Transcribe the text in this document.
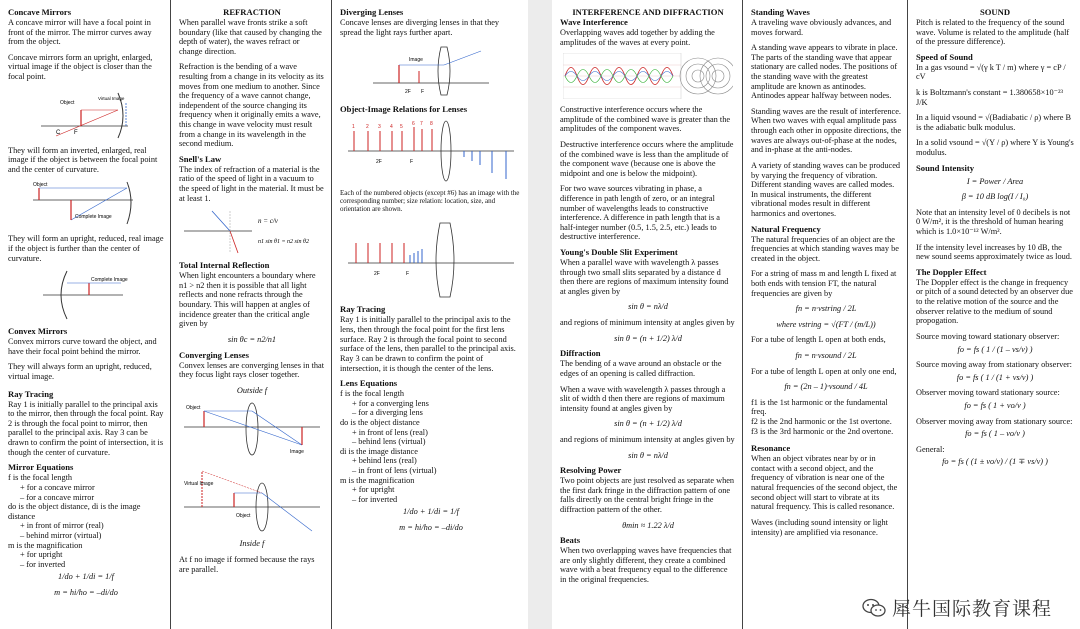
Concave Mirrors

A concave mirror will have a focal point in front of the mirror. The mirror curves away from the object.

Concave mirrors form an upright, enlarged, virtual image if the object is closer than the focal point.

Object
C F
Virtual Image

They will form an inverted, enlarged, real image if the object is between the focal point and the center of curvature.

Object
Complete Image

They will form an upright, reduced, real image if the object is further than the center of curvature.

Complete Image
Convex Mirrors

Convex mirrors curve toward the object, and have their focal point behind the mirror.

They will always form an upright, reduced, virtual image.

Ray Tracing

Ray 1 is initially parallel to the principal axis to the mirror, then through the focal point. Ray 2 is through the focal point to mirror, then parallel to the principal axis. Ray 3 can be drawn to confirm the point of intersection, it is though the center of curvature.

Mirror Equations
f is the focal length
+ for a concave mirror
– for a concave mirror
do is the object distance, di is the image distance
+ in front of mirror (real)
– behind mirror (virtual)
m is the magnification
+ for upright
– for inverted
1/do + 1/di = 1/f
m = hi/ho = –di/do
REFRACTION

When parallel wave fronts strike a soft boundary (like that caused by changing the depth of water), the waves refract or change direction.

Refraction is the bending of a wave resulting from a change in its velocity as its moves from one medium to another. Since the frequency of a wave cannot change, independent of the source changing its frequency when it originally emits a wave, this change in wave velocity must result from a change in its wavelength in the second medium.

Snell's Law

The index of refraction of a material is the ratio of the speed of light in a vacuum to the speed of light in the material. It must be at least 1.

n = c/v
n1 sin θ1 = n2 sin θ2
Total Internal Reflection

When light encounters a boundary where n1 > n2 then it is possible that all light reflects and none refracts through the boundary. This will happen at angles of incidence greater than the critical angle given by

sin θc = n2/n1
Converging Lenses

Convex lenses are converging lenses in that they focus light rays closer together.

Outside f
Object
Image
Virtual Image
Object
Inside f

At f no image if formed because the rays are parallel.

Diverging Lenses

Concave lenses are diverging lenses in that they spread the light rays further apart.

Image
2F F
Object-Image Relations for Lenses
1 2 3 4 5 6 7 8
2F	F

Each of the numbered objects (except #6) has an image with the corresponding number; size relation: location, size, and orientation are shown.

2F	F
Ray Tracing

Ray 1 is initially parallel to the principal axis to the lens, then through the focal point for the first lens surface. Ray 2 is through the focal point to second surface of the lens, then parallel to the principal axis. Ray 3 can be drawn to confirm the point of intersection, it is though the center of the lens.

Lens Equations
f is the focal length
+ for a converging lens
– for a diverging lens
do is the object distance
+ in front of lens (real)
– behind lens (virtual)
di is the image distance
+ behind lens (real)
– in front of lens (virtual)
m is the magnification
+ for upright
– for inverted
1/do + 1/di = 1/f
m = hi/ho = –di/do
INTERFERENCE AND DIFFRACTION
Wave Interference

Overlapping waves add together by adding the amplitudes of the waves at every point.

Constructive interference occurs where the amplitude of the combined wave is greater than the amplitudes of the component waves.

Destructive interference occurs where the amplitude of the combined wave is less than the amplitude of the component wave (because one is above the midpoint and one is below the midpoint).

For two wave sources vibrating in phase, a difference in path length of zero, or an integral number of wavelengths leads to constructive interference. A difference in path length that is a half-integer number (0.5, 1.5, 2.5, etc.) leads to destructive interference.

Young's Double Slit Experiment

When a parallel wave with wavelength λ passes through two small slits separated by a distance d then there are regions of maximum intensity found at angles given by

sin θ = nλ/d

and regions of minimum intensity at angles given by

sin θ = (n + 1/2) λ/d
Diffraction

The bending of a wave around an obstacle or the edges of an opening is called diffraction.

When a wave with wavelength λ passes through a slit of width d then there are regions of maximum intensity found at angles given by

sin θ = (n + 1/2) λ/d

and regions of minimum intensity at angles given by

sin θ = nλ/d
Resolving Power

Two point objects are just resolved as separate when the first dark fringe in the diffraction pattern of one falls directly on the central bright fringe in the diffraction pattern of the other.

θmin ≈ 1.22 λ/d
Beats

When two overlapping waves have frequencies that are only slightly different, they create a combined wave with a beat frequency equal to the difference in the original frequencies.

Standing Waves

A traveling wave obviously advances, and moves forward.

A standing wave appears to vibrate in place. The parts of the standing wave that appear stationary are called nodes. The positions of the standing wave with the greatest amplitude are known as antinodes. Antinodes appear halfway between nodes.

Standing waves are the result of interference. When two waves with equal amplitude pass through each other in opposite directions, the waves are always out-of-phase at the nodes, and in-phase at the anti-nodes.

A variety of standing waves can be produced by varying the frequency of vibration. Different standing waves are called modes. In musical instruments, the different vibrational modes result in different harmonics and overtones.

Natural Frequency

The natural frequencies of an object are the frequencies at which standing waves may be created in the object.

For a string of mass m and length L fixed at both ends with tension FT, the natural frequencies are given by

fn = n·vstring / 2L
where vstring = √(FT / (m/L))

For a tube of length L open at both ends,

fn = n·vsound / 2L

For a tube of length L open at only one end,

fn = (2n – 1)·vsound / 4L
f1 is the 1st harmonic or the fundamental freq.
f2 is the 2nd harmonic or the 1st overtone.
f3 is the 3rd harmonic or the 2nd overtone.
Resonance

When an object vibrates near by or in contact with a second object, and the frequency of vibration is near one of the natural frequencies of the second object, the second object will start to vibrate at its natural frequency. This is called resonance.

Waves (including sound intensity or light intensity) are amplified via resonance.

SOUND

Pitch is related to the frequency of the sound wave. Volume is related to the amplitude (half of the pressure difference).

Speed of Sound

In a gas vsound = √(γ k T / m) where γ = cP / cV

k is Boltzmann's constant = 1.380658×10⁻²³ J/K

In a liquid vsound = √(Badiabatic / ρ) where B is the adiabatic bulk modulus.

In a solid vsound = √(Y / ρ) where Y is Young's modulus.

Sound Intensity
I = Power / Area
β = 10 dB log(I / I₀)

Note that an intensity level of 0 decibels is not 0 W/m², it is the threshold of human hearing which is 1.0×10⁻¹² W/m².

If the intensity level increases by 10 dB, the new sound seems approximately twice as loud.

The Doppler Effect

The Doppler effect is the change in frequency or pitch of a sound detected by an observer due to the relative motion of the source and the observer relative to the medium of sound propogation.

Source moving toward stationary observer:
fo = fs ( 1 / (1 – vs/v) )
Source moving away from stationary observer:
fo = fs ( 1 / (1 + vs/v) )
Observer moving toward stationary source:
fo = fs ( 1 + vo/v )
Observer moving away from stationary source:
fo = fs ( 1 – vo/v )
General:
fo = fs ( (1 ± vo/v) / (1 ∓ vs/v) )
犀牛国际教育课程
